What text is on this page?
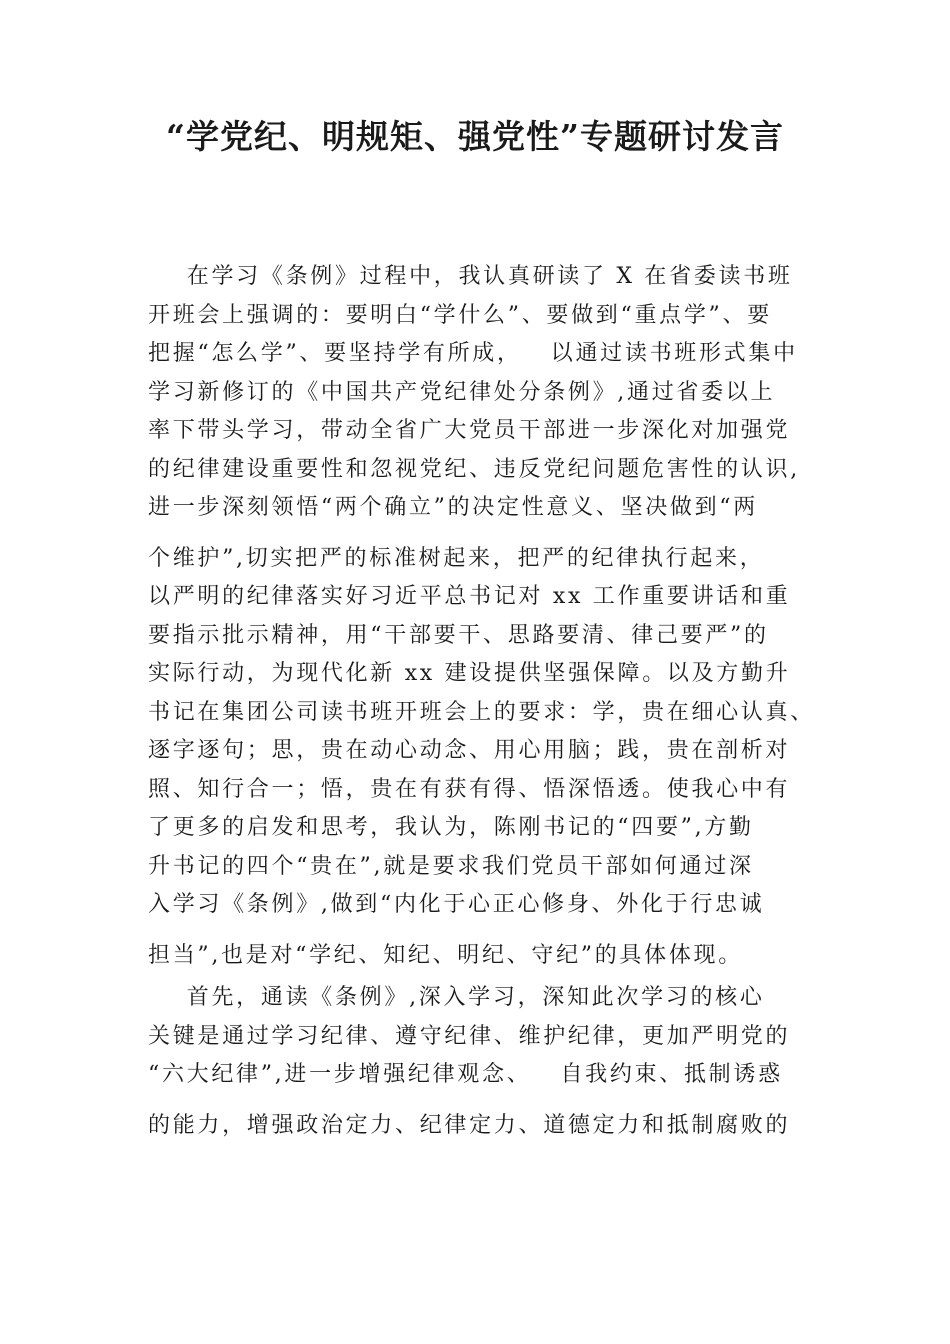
“学党纪、明规矩、强党性”专题研讨发言

在学习《条例》过程中，我认真研读了 X 在省委读书班

开班会上强调的：要明白“学什么”、要做到“重点学”、要

把握“怎么学”、要坚持学有所成，   以通过读书班形式集中

学习新修订的《中国共产党纪律处分条例》,通过省委以上

率下带头学习，带动全省广大党员干部进一步深化对加强党

的纪律建设重要性和忽视党纪、违反党纪问题危害性的认识,

进一步深刻领悟“两个确立”的决定性意义、坚决做到“两

个维护”,切实把严的标准树起来，把严的纪律执行起来，

以严明的纪律落实好习近平总书记对 xx 工作重要讲话和重

要指示批示精神，用“干部要干、思路要清、律己要严”的

实际行动，为现代化新 xx 建设提供坚强保障。以及方勤升

书记在集团公司读书班开班会上的要求：学，贵在细心认真、

逐字逐句；思，贵在动心动念、用心用脑；践，贵在剖析对

照、知行合一；悟，贵在有获有得、悟深悟透。使我心中有

了更多的启发和思考，我认为，陈刚书记的“四要”,方勤

升书记的四个“贵在”,就是要求我们党员干部如何通过深

入学习《条例》,做到“内化于心正心修身、外化于行忠诚

担当”,也是对“学纪、知纪、明纪、守纪”的具体体现。

首先，通读《条例》,深入学习，深知此次学习的核心

关键是通过学习纪律、遵守纪律、维护纪律，更加严明党的

“六大纪律”,进一步增强纪律观念、   自我约束、抵制诱惑

的能力，增强政治定力、纪律定力、道德定力和抵制腐败的
